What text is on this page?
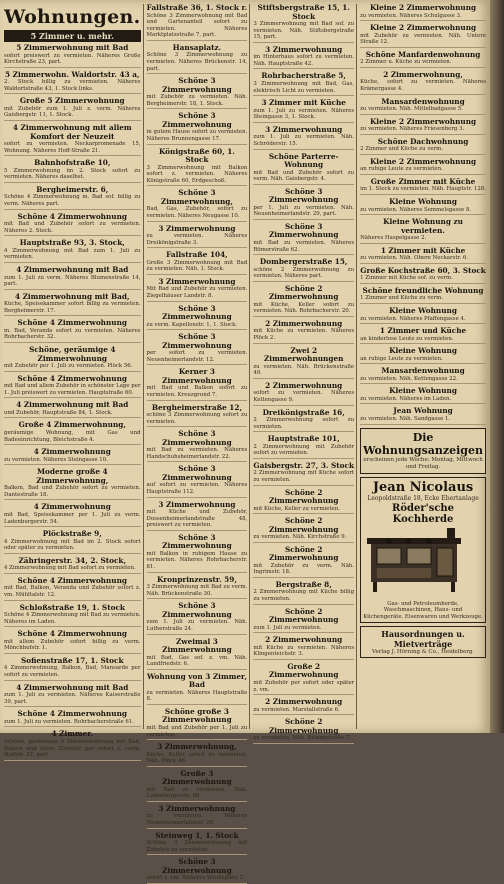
Wohnungen.
5 Zimmer u. mehr.
5 Zimmerwohnung mit Bad
sofort preiswert zu vermieten. Näheres Große Kirchstraße 23, part.
5 Zimmerwohn. Waldortstr. 43 a,
2. Stock billig zu vermieten. Näheres Waldortstraße 43, 1. Stock links.
Große 5 Zimmerwohnung
mit Zubehör zum 1. Juli z. verm. Näheres Gaisbergstr. 11, 1. Stock.
4 Zimmerwohnung mit allem Komfort der Neuzeit
sofort zu vermieten. Neckarpromenade 15, Wohnung. Näheres Hoff-Straße 21.
Bahnhofstraße 10,
5 Zimmerwohnung im 2. Stock sofort zu vermieten. Näheres daselbst.
Bergheimerstr. 6,
Schöne 4 Zimmerwohnung m. Bad sof. billig zu verm. Näheres part.
Schöne 4 Zimmerwohnung
mit Bad und Zubehör sofort zu vermieten. Näheres 2. Stock.
Hauptstraße 93, 3. Stock,
4 Zimmerwohnung mit Bad zum 1. Juli zu vermieten.
4 Zimmerwohnung mit Bad
zum 1. Juli zu verm. Näheres Blumenstraße 14, part.
4 Zimmerwohnung mit Bad,
Küche, Speisekammer sofort billig zu vermieten. Bergheimerstr. 17.
Schöne 4 Zimmerwohnung
m. Bad, Veranda sofort zu vermieten. Näheres Rohrbacherstr. 32.
Schöne, geräumige 4 Zimmerwohnung
mit Zubehör per 1. Juli zu vermieten. Plöck 56.
Schöne 4 Zimmerwohnung
mit Bad und allem Zubehör in schönster Lage per 1. Juli preiswert zu vermieten. Hauptstraße 60.
4 Zimmerwohnung mit Bad
und Zubehör, Hauptstraße 84, 1. Stock.
Große 4 Zimmerwohnung,
geräumige Wohnung, mit Gas und Badeeinrichtung, Bleichstraße 4.
4 Zimmerwohnung
zu vermieten. Näheres Steingasse 10.
Moderne große 4 Zimmerwohnung,
Balkon, Bad und Zubehör sofort zu vermieten. Dantestraße 18.
4 Zimmerwohnung
mit Bad, Speisekammer per 1. Juli zu verm. Ladenburgerstr. 54.
Plöckstraße 9,
4 Zimmerwohnung mit Bad im 2. Stock sofort oder später zu vermieten.
Zähringerstr. 34, 2. Stock,
4 Zimmerwohnung mit Bad sofort zu vermieten.
Schöne 4 Zimmerwohnung
mit Bad, Balkon, Veranda und Zubehör sofort z. vm. Mühltalstr. 12.
Schloßstraße 19, 1. Stock
Schöne 4 Zimmerwohnung mit Bad zu vermieten. Näheres im Laden.
Schöne 4 Zimmerwohnung
mit allem Zubehör sofort billig zu verm. Mönchhofstr. 1.
Sofienstraße 17, 1. Stock
4 Zimmerwohnung, Balkon, Bad, Mansarde per sofort zu vermieten.
4 Zimmerwohnung mit Bad
zum 1. Juli zu vermieten. Näheres Kaiserstraße 39, part.
Schöne 4 Zimmerwohnung
zum 1. Juli zu vermieten. Rohrbacherstraße 61.
4 Zimmer.
Schöne, geräumige 4 Zimmerwohnung mit Bad, Balkon und allem Zubehör per sofort z. verm. Hoffstr. 22, part.
Fallstraße 36, 1. Stock r.
Schöne 3 Zimmerwohnung mit Bad und Gartenanteil sofort zu vermieten. Näheres Marktplatzstraße 7, part.
Hansaplatz.
Schöne 3 Zimmerwohnung zu vermieten. Näheres Brückenstr. 14, part.
Schöne 3 Zimmerwohnung
mit Zubehör zu vermieten. Näh. Bergheimerstr. 18, 1. Stock.
Schöne 3 Zimmerwohnung
in gutem Hause sofort zu vermieten. Näheres Brunnengasse 17.
Königstraße 60, 1. Stock
3 Zimmerwohnung mit Balkon sofort z. vermieten. Näheres Königstraße 60, Erdgeschoß.
Schöne 3 Zimmerwohnung,
Bad, Gas, Zubehör, sofort zu vermieten. Näheres Neugasse 10.
3 Zimmerwohnung
zu vermieten. Näheres Dreikönigstraße 3.
Fallstraße 104,
Große 3 Zimmerwohnung mit Bad zu vermieten. Näh. 1. Stock.
3 Zimmerwohnung
Mit Bad und Zubehör zu vermieten. Ziegelhäuser Landstr. 8.
Schöne 3 Zimmerwohnung
zu verm. Kapellenstr. 1, 1. Stock.
Schöne 3 Zimmerwohnung
per sofort zu vermieten. Neuenheimerlandstr. 12.
Kerner 3 Zimmerwohnung
mit Bad und Balkon sofort zu vermieten. Kreuzgrund 7.
Bergheimerstraße 12,
schöne 3 Zimmerwohnung sofort zu vermieten.
Schöne 3 Zimmerwohnung
mit Bad zu vermieten. Näheres Handschuhsheimerlandstr. 22.
Schöne 3 Zimmerwohnung
auf sofort zu vermieten. Näheres Hauptstraße 112.
3 Zimmerwohnung
mit Küche und Zubehör, Dossenheimerlandstraße 48, preiswert zu vermieten.
Schöne 3 Zimmerwohnung
mit Balkon in ruhigem Hause zu vermieten. Näheres Rohrbacherstr. 81.
Kronprinzenstr. 59,
3 Zimmerwohnung mit Bad zu verm. Näh. Brückenstraße 30.
Schöne 3 Zimmerwohnung
zum 1. Juli zu vermieten. Näh. Lutherstraße 24.
Zweimal 3 Zimmerwohnung
mit Bad, Gas sof. z. vm. Näh. Landfriedstr. 6.
Wohnung von 3 Zimmer, Bad
zu vermieten. Näheres Hauptstraße 8.
Schöne große 3 Zimmerwohnung
mit Bad und Zubehör per 1. Juli zu vermieten.
3 Zimmerwohnung,
Küche, Keller, sofort zu vermieten. Näh. Plöck 46.
Große 3 Zimmerwohnung
mit Bad zu vermieten. Näh. Ladenburgerstr. 80.
3 Zimmerwohnung
zu vermieten. Näheres Neuenheimerlandstr. 28.
Steinweg 1, 1. Stock
Schöne 3 Zimmerwohnung mit Zubehör zu vermieten.
Schöne 3 Zimmerwohnung
sofort z. vm. Näheres Wredeplatz 2.
Stiftsbergstraße 15, 1. Stock
3 Zimmerwohnung mit Bad sof. zu vermieten. Näh. Stiftsbergstraße 15, part.
3 Zimmerwohnung
im Hinterhaus sofort zu vermieten. Näh. Hauptstraße 42.
Rohrbacherstraße 5,
3 Zimmerwohnung mit Bad, Gas, elektrisch Licht zu vermieten.
3 Zimmer mit Küche
zum 1. Juli zu vermieten. Näheres Steingasse 3, 1. Stock.
3 Zimmerwohnung
zum 1. Juli zu vermieten. Näh. Schröderstr. 15.
Schöne Parterre-Wohnung
mit Bad und Zubehör sofort zu verm. Näh. Gaisbergstr. 4.
Schöne 3 Zimmerwohnung
per 1. Juli zu vermieten. Näh. Neuenheimerlandstr. 29, part.
Schöne 3 Zimmerwohnung
mit Bad zu vermieten. Näheres Römerstraße 62.
Dombergerstraße 15,
schöne 2 Zimmerwohnung zu vermieten. Näheres part.
Schöne 2 Zimmerwohnung
mit Küche, Keller sofort zu vermieten. Näh. Rohrbacherstr. 20.
2 Zimmerwohnung
mit Küche zu vermieten. Näheres Plöck 2.
Zwei 2 Zimmerwohnungen
zu vermieten. Näh. Brückenstraße 49.
2 Zimmerwohnung
sofort zu vermieten. Näheres Kettengasse 9.
Dreikönigstraße 16,
2 Zimmerwohnung sofort zu vermieten.
Hauptstraße 101,
2 Zimmerwohnung mit Zubehör sofort zu vermieten.
Gaisbergstr. 27, 3. Stock
2 Zimmerwohnung mit Küche sofort zu vermieten.
Schöne 2 Zimmerwohnung
mit Küche, Keller zu vermieten.
Schöne 2 Zimmerwohnung
zu vermieten. Näh. Kirchstraße 9.
Schöne 2 Zimmerwohnung
mit Zubehör zu verm. Näh. Ingrimstr. 18.
Bergstraße 8,
2 Zimmerwohnung mit Küche billig zu vermieten.
Schöne 2 Zimmerwohnung
zum 1. Juli zu vermieten.
2 Zimmerwohnung
mit Küche zu vermieten. Näheres Klingenteichstr. 3.
Große 2 Zimmerwohnung
mit Zubehör per sofort oder später z. vm.
2 Zimmerwohnung
zu vermieten. Marstallstraße 6.
Schöne 2 Zimmerwohnung
zu vermieten. Näh. Bienenstraße 7.
Kleine 2 Zimmerwohnung
zu vermieten. Näheres Schulgasse 3.
Kleine 2 Zimmerwohnung
mit Zubehör zu vermieten. Näh. Untere Straße 12.
Schöne Manfardenwohnung
2 Zimmer u. Küche zu vermieten.
2 Zimmerwohnung,
Küche, sofort zu vermieten. Näheres Krämergasse 4.
Mansardenwohnung
zu vermieten. Näh. Mittelbadgasse 5.
Kleine 2 Zimmerwohnung
zu vermieten. Näheres Friesenberg 3.
Schöne Dachwohnung
2 Zimmer und Küche zu verm.
Kleine 2 Zimmerwohnung
an ruhige Leute zu vermieten.
Große Zimmer mit Küche
im 1. Stock zu vermieten. Näh. Hauptstr. 128.
Kleine Wohnung
zu vermieten. Näheres Semmelsgasse 8.
Kleine Wohnung zu vermieten.
Näheres Haspelgasse 2.
1 Zimmer mit Küche
zu vermieten. Näh. Obere Neckarstr. 6.
Große Kochstraße 60, 3. Stock
1 Zimmer mit Küche sof. zu verm.
Schöne freundliche Wohnung
1 Zimmer und Küche zu verm.
Kleine Wohnung
zu vermieten. Näheres Pfaffengasse 4.
1 Zimmer und Küche
an kinderlose Leute zu vermieten.
Kleine Wohnung
an ruhige Leute zu vermieten.
Mansardenwohnung
zu vermieten. Näh. Kettengasse 22.
Kleine Wohnung
zu vermieten. Näheres im Laden.
Jean Wohnung
zu vermieten. Näh. Sandgasse 1.
Die Wohnungsanzeigen
erscheinen jede Woche: Montag, Mittwoch und Freitag.
Jean Nicolaus
Leopoldstraße 18, Ecke Ebertanlage
Röder'sche Kochherde
Gas- und Petroleumherde, Waschmaschinen, Haus- und Küchengeräte. Eisenwaren und Werkzeuge.
Hausordnungen u. Mietverträge
Verlag J. Hörning & Co., Heidelberg.
